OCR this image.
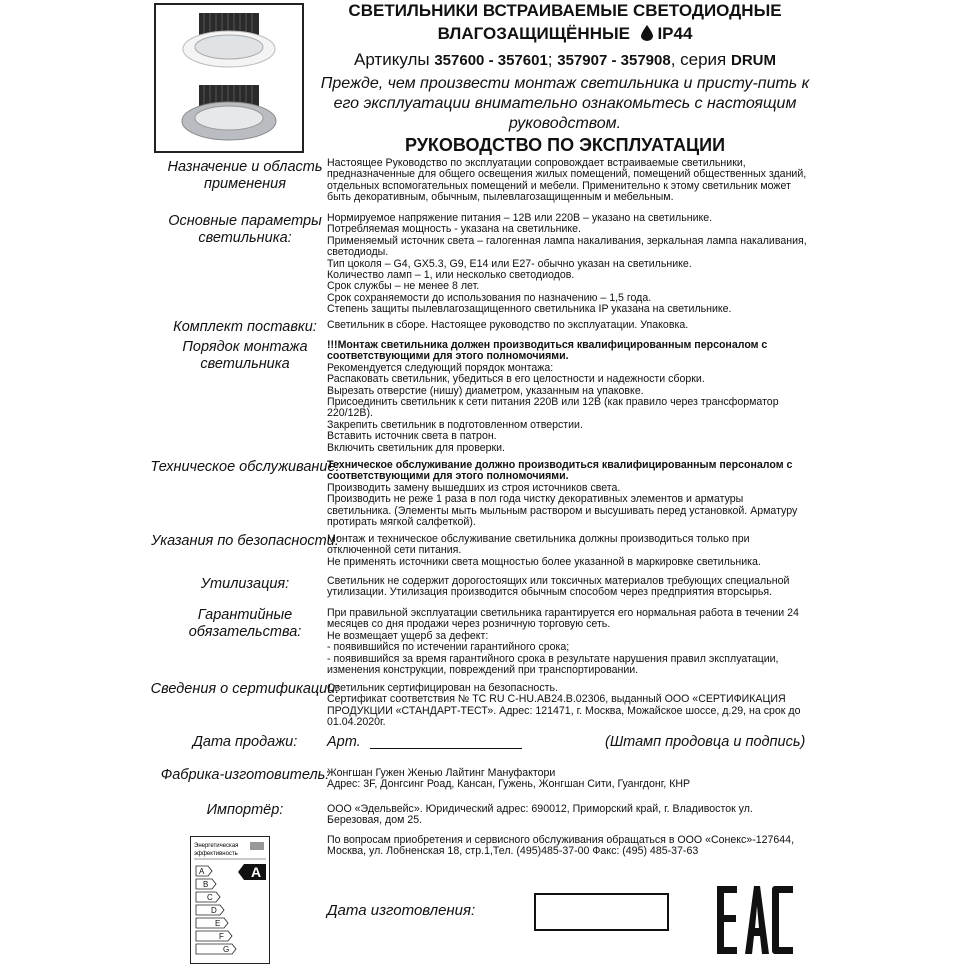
СВЕТИЛЬНИКИ ВСТРАИВАЕМЫЕ СВЕТОДИОДНЫЕ
ВЛАГОЗАЩИЩЁННЫЕ IP44
Артикулы 357600 - 357601; 357907 - 357908, серия DRUM
Прежде, чем произвести монтаж светильника и присту-пить к его эксплуатации внимательно ознакомьтесь с настоящим руководством.
РУКОВОДСТВО ПО ЭКСПЛУАТАЦИИ
Назначение и область применения

Настоящее Руководство по эксплуатации сопровождает встраиваемые светильники, предназначенные для общего освещения жилых помещений, помещений общественных зданий, отдельных вспомогательных помещений и мебели. Применительно к этому светильник может быть декоративным, обычным, пылевлагозащищенным и мебельным.

Основные параметры светильника:

Нормируемое напряжение питания – 12В или 220В – указано на светильнике.

Потребляемая мощность - указана на светильнике.

Применяемый источник света – галогенная лампа накаливания, зеркальная лампа накаливания, светодиоды.

Тип цоколя – G4, GX5.3, G9, E14 или E27- обычно указан на светильнике.

Количество ламп – 1, или несколько светодиодов.

Срок службы – не менее 8 лет.

Срок сохраняемости до использования по назначению – 1,5 года.

Степень защиты пылевлагозащищенного светильника IP указана на светильнике.

Комплект поставки: Светильник в сборе. Настоящее руководство по эксплуатации. Упаковка.

Порядок монтажа светильника

!!!Монтаж светильника должен производиться квалифицированным персоналом с соответствующими для этого полномочиями.

Рекомендуется следующий порядок монтажа:

Распаковать светильник, убедиться в его целостности и надежности сборки.

Вырезать отверстие (нишу) диаметром, указанным на упаковке.

Присоединить светильник к сети питания 220В или 12В (как правило через трансформатор 220/12В).

Закрепить светильник в подготовленном отверстии.

Вставить источник света в патрон.

Включить светильник для проверки.

Техническое обслуживание:

Техническое обслуживание должно производиться квалифицированным персоналом с соответствующими для этого полномочиями.

Производить замену вышедших из строя источников света.

Производить не реже 1 раза в пол года чистку декоративных элементов и арматуры светильника. (Элементы мыть мыльным раствором и высушивать перед установкой. Арматуру протирать мягкой салфеткой).

Указания по безопасности:

Монтаж и техническое обслуживание светильника должны производиться только при отключенной сети питания.

Не применять источники света мощностью более указанной в маркировке светильника.

Утилизация:	Светильник не содержит дорогостоящих или токсичных материалов требующих специальной утилизации. Утилизация производится обычным способом через предприятия вторсырья.

Гарантийные обязательства:

При правильной эксплуатации светильника гарантируется его нормальная работа в течении 24 месяцев со дня продажи через розничную торговую сеть.

Не возмещает ущерб за дефект:

- появившийся по истечении гарантийного срока;

- появившийся за время гарантийного срока в результате нарушения правил эксплуатации, изменения конструкции, повреждений при транспортировании.

Сведения о сертификации:

Светильник сертифицирован на безопасность.

Сертификат соответствия № ТС RU C-HU.AB24.B.02306, выданный ООО «СЕРТИФИКАЦИЯ ПРОДУКЦИИ «СТАНДАРТ-ТЕСТ». Адрес: 121471, г. Москва, Можайское шоссе, д.29, на срок до 01.04.2020г.

Дата продажи:	Арт.	(Штамп продовца и подпись)
Фабрика-изготовитель:

Жонгшан Гужен Женью Лайтинг Мануфактори

Адрес: 3F, Донгсинг Роад, Кансан, Гужень, Жонгшан Сити, Гуангдонг, КНР

Импортёр:	ООО «Эдельвейс». Юридический адрес: 690012, Приморский край, г. Владивосток ул. Березовая, дом 25.

По вопросам приобретения и сервисного обслуживания обращаться в ООО «Сонекс»-127644, Москва, ул. Лобненская 18, стр.1,Тел. (495)485-37-00 Факс: (495) 485-37-63

Энергетическая
эффективность
A
B
C
D
E
F
G
A
Дата изготовления:
